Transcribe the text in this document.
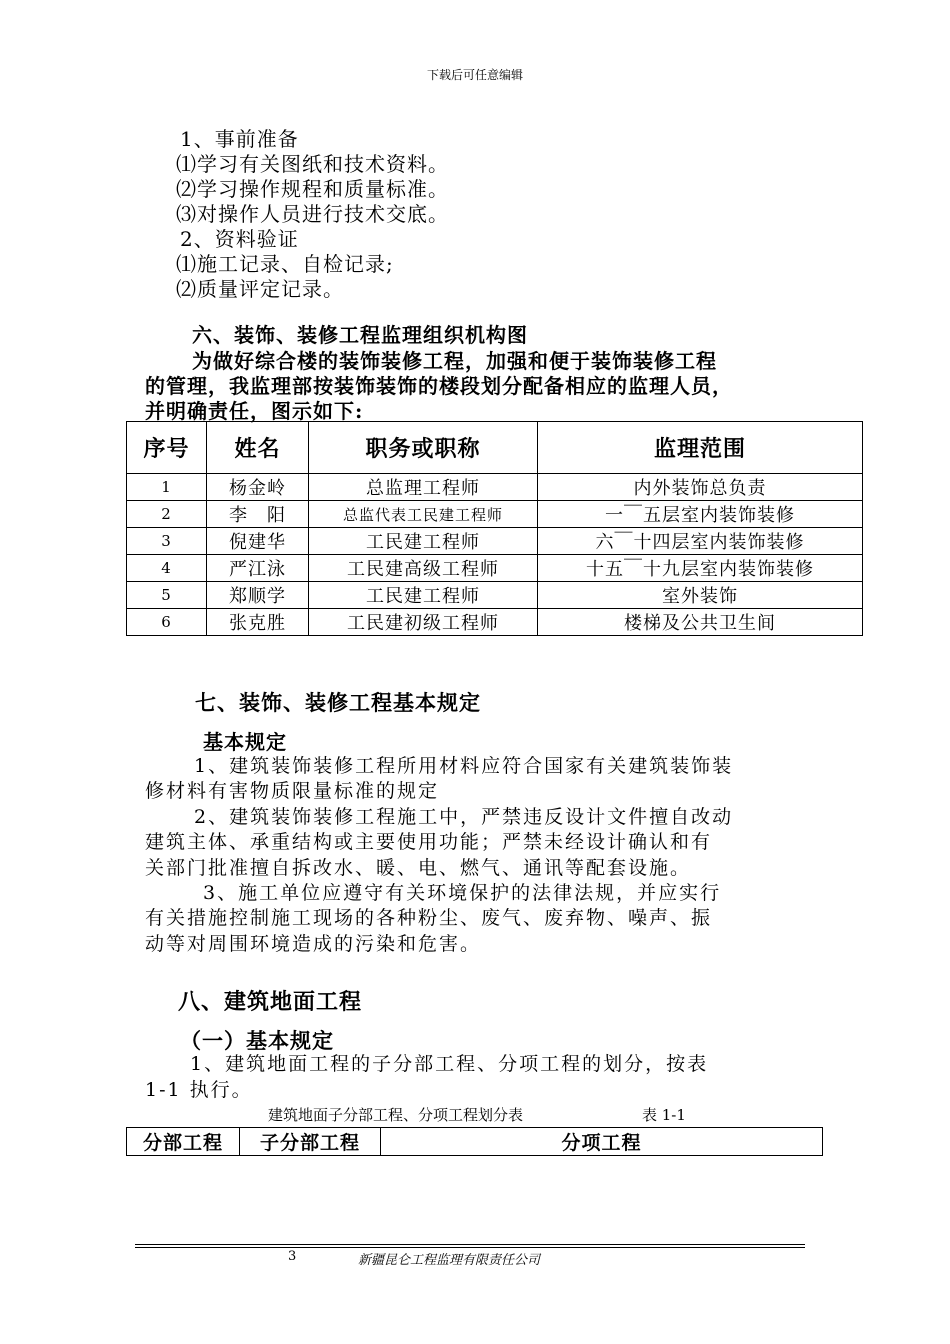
下载后可任意编辑
1、事前准备
⑴学习有关图纸和技术资料。
⑵学习操作规程和质量标准。
⑶对操作人员进行技术交底。
2、资料验证
⑴施工记录、自检记录;
⑵质量评定记录。
六、装饰、装修工程监理组织机构图
为做好综合楼的装饰装修工程，加强和便于装饰装修工程
的管理，我监理部按装饰装饰的楼段划分配备相应的监理人员，
并明确责任，图示如下:
序号	姓名	职务或职称	监理范围
1	杨金岭	总监理工程师	内外装饰总负责
2	李　阳	总监代表工民建工程师	一￣五层室内装饰装修
3	倪建华	工民建工程师	六￣十四层室内装饰装修
4	严江泳	工民建高级工程师	十五￣十九层室内装饰装修
5	郑顺学	工民建工程师	室外装饰
6	张克胜	工民建初级工程师	楼梯及公共卫生间
七、装饰、装修工程基本规定
基本规定
1、建筑装饰装修工程所用材料应符合国家有关建筑装饰装
修材料有害物质限量标准的规定
2、建筑装饰装修工程施工中，严禁违反设计文件擅自改动
建筑主体、承重结构或主要使用功能；严禁未经设计确认和有
关部门批准擅自拆改水、暖、电、燃气、通讯等配套设施。
3、施工单位应遵守有关环境保护的法律法规，并应实行
有关措施控制施工现场的各种粉尘、废气、废弃物、噪声、振
动等对周围环境造成的污染和危害。
八、建筑地面工程
（一）基本规定
1、建筑地面工程的子分部工程、分项工程的划分，按表
1-1 执行。
建筑地面子分部工程、分项工程划分表	表 1-1
分部工程	子分部工程	分项工程
3	新疆昆仑工程监理有限责任公司
